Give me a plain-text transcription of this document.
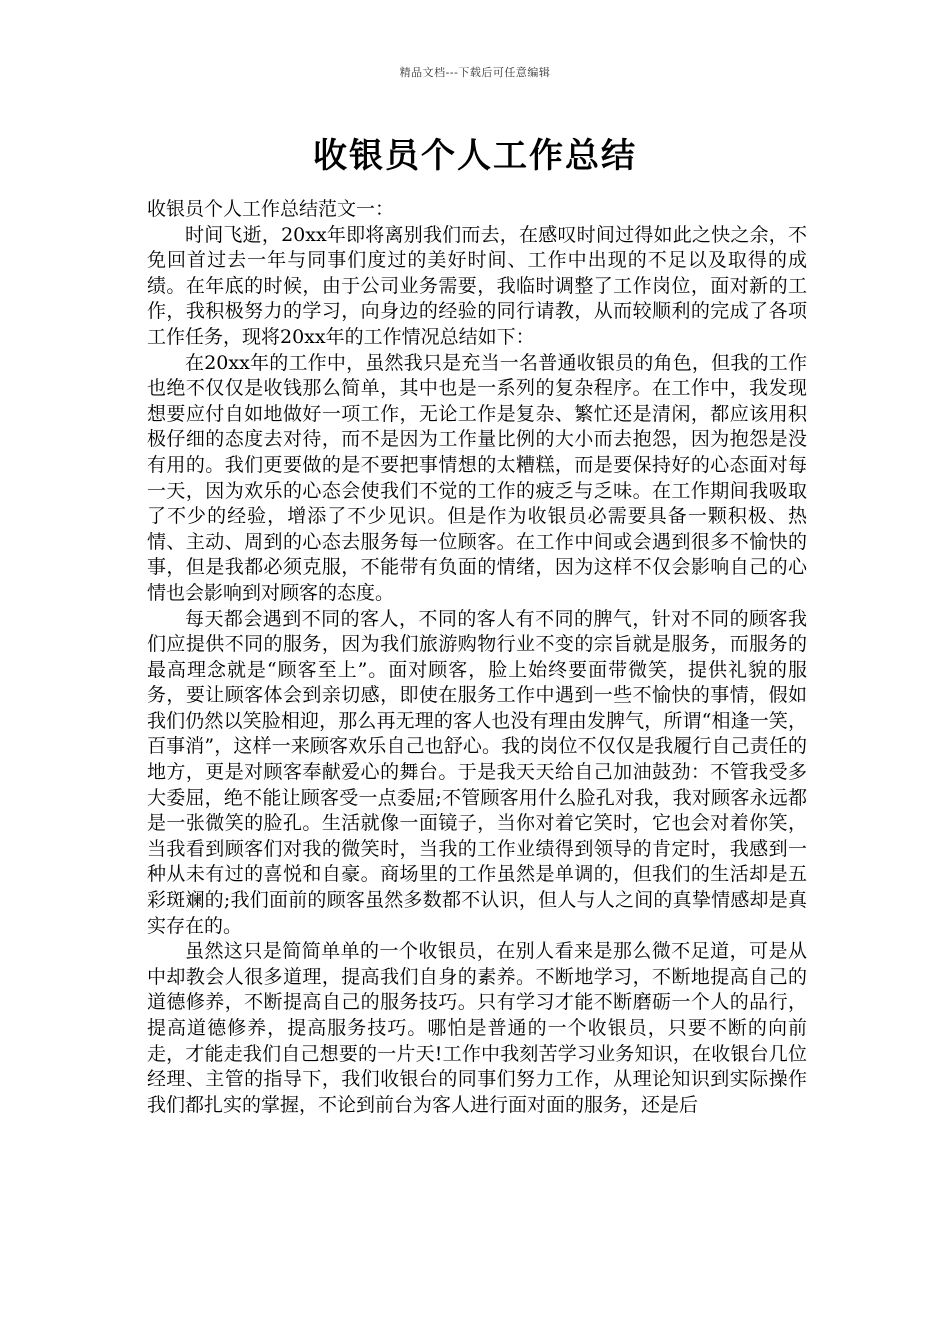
精品文档---下载后可任意编辑
收银员个人工作总结

收银员个人工作总结范文一：

时间飞逝，20xx年即将离别我们而去，在感叹时间过得如此之快之余，不免回首过去一年与同事们度过的美好时间、工作中出现的不足以及取得的成绩。在年底的时候，由于公司业务需要，我临时调整了工作岗位，面对新的工作，我积极努力的学习，向身边的经验的同行请教，从而较顺利的完成了各项工作任务，现将20xx年的工作情况总结如下：

在20xx年的工作中，虽然我只是充当一名普通收银员的角色，但我的工作也绝不仅仅是收钱那么简单，其中也是一系列的复杂程序。在工作中，我发现想要应付自如地做好一项工作，无论工作是复杂、繁忙还是清闲，都应该用积极仔细的态度去对待，而不是因为工作量比例的大小而去抱怨，因为抱怨是没有用的。我们更要做的是不要把事情想的太糟糕，而是要保持好的心态面对每一天，因为欢乐的心态会使我们不觉的工作的疲乏与乏味。在工作期间我吸取了不少的经验，增添了不少见识。但是作为收银员必需要具备一颗积极、热情、主动、周到的心态去服务每一位顾客。在工作中间或会遇到很多不愉快的事，但是我都必须克服，不能带有负面的情绪，因为这样不仅会影响自己的心情也会影响到对顾客的态度。

每天都会遇到不同的客人，不同的客人有不同的脾气，针对不同的顾客我们应提供不同的服务，因为我们旅游购物行业不变的宗旨就是服务，而服务的最高理念就是“顾客至上”。面对顾客，脸上始终要面带微笑，提供礼貌的服务，要让顾客体会到亲切感，即使在服务工作中遇到一些不愉快的事情，假如我们仍然以笑脸相迎，那么再无理的客人也没有理由发脾气，所谓“相逢一笑，百事消”，这样一来顾客欢乐自己也舒心。我的岗位不仅仅是我履行自己责任的地方，更是对顾客奉献爱心的舞台。于是我天天给自己加油鼓劲：不管我受多大委屈，绝不能让顾客受一点委屈;不管顾客用什么脸孔对我，我对顾客永远都是一张微笑的脸孔。生活就像一面镜子，当你对着它笑时，它也会对着你笑，当我看到顾客们对我的微笑时，当我的工作业绩得到领导的肯定时，我感到一种从未有过的喜悦和自豪。商场里的工作虽然是单调的，但我们的生活却是五彩斑斓的;我们面前的顾客虽然多数都不认识，但人与人之间的真挚情感却是真实存在的。

虽然这只是简简单单的一个收银员，在别人看来是那么微不足道，可是从中却教会人很多道理，提高我们自身的素养。不断地学习，不断地提高自己的道德修养，不断提高自己的服务技巧。只有学习才能不断磨砺一个人的品行，提高道德修养，提高服务技巧。哪怕是普通的一个收银员，只要不断的向前走，才能走我们自己想要的一片天!工作中我刻苦学习业务知识，在收银台几位经理、主管的指导下，我们收银台的同事们努力工作，从理论知识到实际操作我们都扎实的掌握，不论到前台为客人进行面对面的服务，还是后
